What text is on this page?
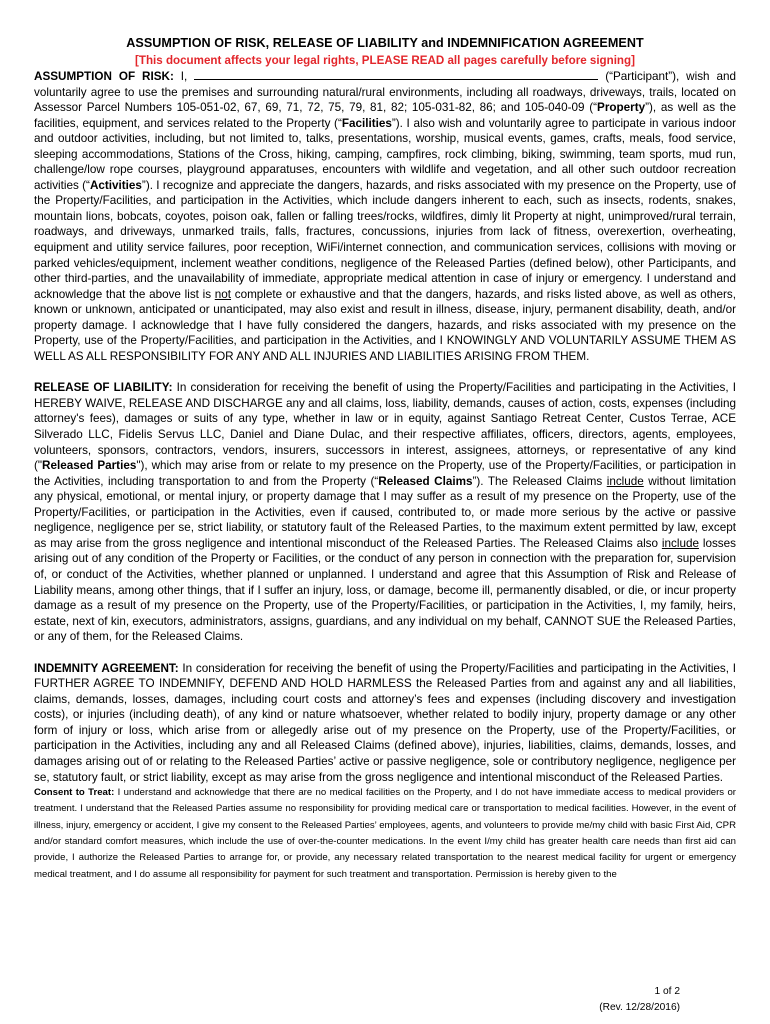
ASSUMPTION OF RISK, RELEASE OF LIABILITY and INDEMNIFICATION AGREEMENT
[This document affects your legal rights, PLEASE READ all pages carefully before signing]

ASSUMPTION OF RISK: I,	(“Participant”), wish and voluntarily agree to use the premises and surrounding natural/rural environments, including all roadways, driveways, trails, located on Assessor Parcel Numbers 105-051-02, 67, 69, 71, 72, 75, 79, 81, 82; 105-031-82, 86; and 105-040-09 (“Property”), as well as the facilities, equipment, and services related to the Property (“Facilities”). I also wish and voluntarily agree to participate in various indoor and outdoor activities, including, but not limited to, talks, presentations, worship, musical events, games, crafts, meals, food service, sleeping accommodations, Stations of the Cross, hiking, camping, campfires, rock climbing, biking, swimming, team sports, mud run, challenge/low rope courses, playground apparatuses, encounters with wildlife and vegetation, and all other such outdoor recreation activities (“Activities”). I recognize and appreciate the dangers, hazards, and risks associated with my presence on the Property, use of the Property/Facilities, and participation in the Activities, which include dangers inherent to each, such as insects, rodents, snakes, mountain lions, bobcats, coyotes, poison oak, fallen or falling trees/rocks, wildfires, dimly lit Property at night, unimproved/rural terrain, roadways, and driveways, unmarked trails, falls, fractures, concussions, injuries from lack of fitness, overexertion, overheating, equipment and utility service failures, poor reception, WiFi/internet connection, and communication services, collisions with moving or parked vehicles/equipment, inclement weather conditions, negligence of the Released Parties (defined below), other Participants, and other third-parties, and the unavailability of immediate, appropriate medical attention in case of injury or emergency. I understand and acknowledge that the above list is not complete or exhaustive and that the dangers, hazards, and risks listed above, as well as others, known or unknown, anticipated or unanticipated, may also exist and result in illness, disease, injury, permanent disability, death, and/or property damage. I acknowledge that I have fully considered the dangers, hazards, and risks associated with my presence on the Property, use of the Property/Facilities, and participation in the Activities, and I KNOWINGLY AND VOLUNTARILY ASSUME THEM AS WELL AS ALL RESPONSIBILITY FOR ANY AND ALL INJURIES AND LIABILITIES ARISING FROM THEM.

RELEASE OF LIABILITY: In consideration for receiving the benefit of using the Property/Facilities and participating in the Activities, I HEREBY WAIVE, RELEASE AND DISCHARGE any and all claims, loss, liability, demands, causes of action, costs, expenses (including attorney's fees), damages or suits of any type, whether in law or in equity, against Santiago Retreat Center, Custos Terrae, ACE Silverado LLC, Fidelis Servus LLC, Daniel and Diane Dulac, and their respective affiliates, officers, directors, agents, employees, volunteers, sponsors, contractors, vendors, insurers, successors in interest, assignees, attorneys, or representative of any kind ("Released Parties"), which may arise from or relate to my presence on the Property, use of the Property/Facilities, or participation in the Activities, including transportation to and from the Property (“Released Claims”). The Released Claims include without limitation any physical, emotional, or mental injury, or property damage that I may suffer as a result of my presence on the Property, use of the Property/Facilities, or participation in the Activities, even if caused, contributed to, or made more serious by the active or passive negligence, negligence per se, strict liability, or statutory fault of the Released Parties, to the maximum extent permitted by law, except as may arise from the gross negligence and intentional misconduct of the Released Parties. The Released Claims also include losses arising out of any condition of the Property or Facilities, or the conduct of any person in connection with the preparation for, supervision of, or conduct of the Activities, whether planned or unplanned. I understand and agree that this Assumption of Risk and Release of Liability means, among other things, that if I suffer an injury, loss, or damage, become ill, permanently disabled, or die, or incur property damage as a result of my presence on the Property, use of the Property/Facilities, or participation in the Activities, I, my family, heirs, estate, next of kin, executors, administrators, assigns, guardians, and any individual on my behalf, CANNOT SUE the Released Parties, or any of them, for the Released Claims.

INDEMNITY AGREEMENT: In consideration for receiving the benefit of using the Property/Facilities and participating in the Activities, I FURTHER AGREE TO INDEMNIFY, DEFEND AND HOLD HARMLESS the Released Parties from and against any and all liabilities, claims, demands, losses, damages, including court costs and attorney’s fees and expenses (including discovery and investigation costs), or injuries (including death), of any kind or nature whatsoever, whether related to bodily injury, property damage or any other form of injury or loss, which arise from or allegedly arise out of my presence on the Property, use of the Property/Facilities, or participation in the Activities, including any and all Released Claims (defined above), injuries, liabilities, claims, demands, losses, and damages arising out of or relating to the Released Parties’ active or passive negligence, sole or contributory negligence, negligence per se, statutory fault, or strict liability, except as may arise from the gross negligence and intentional misconduct of the Released Parties.

Consent to Treat: I understand and acknowledge that there are no medical facilities on the Property, and I do not have immediate access to medical providers or treatment. I understand that the Released Parties assume no responsibility for providing medical care or transportation to medical facilities. However, in the event of illness, injury, emergency or accident, I give my consent to the Released Parties’ employees, agents, and volunteers to provide me/my child with basic First Aid, CPR and/or standard comfort measures, which include the use of over-the-counter medications. In the event I/my child has greater health care needs than first aid can provide, I authorize the Released Parties to arrange for, or provide, any necessary related transportation to the nearest medical facility for urgent or emergency medical treatment, and I do assume all responsibility for payment for such treatment and transportation. Permission is hereby given to the

1 of 2
(Rev. 12/28/2016)
